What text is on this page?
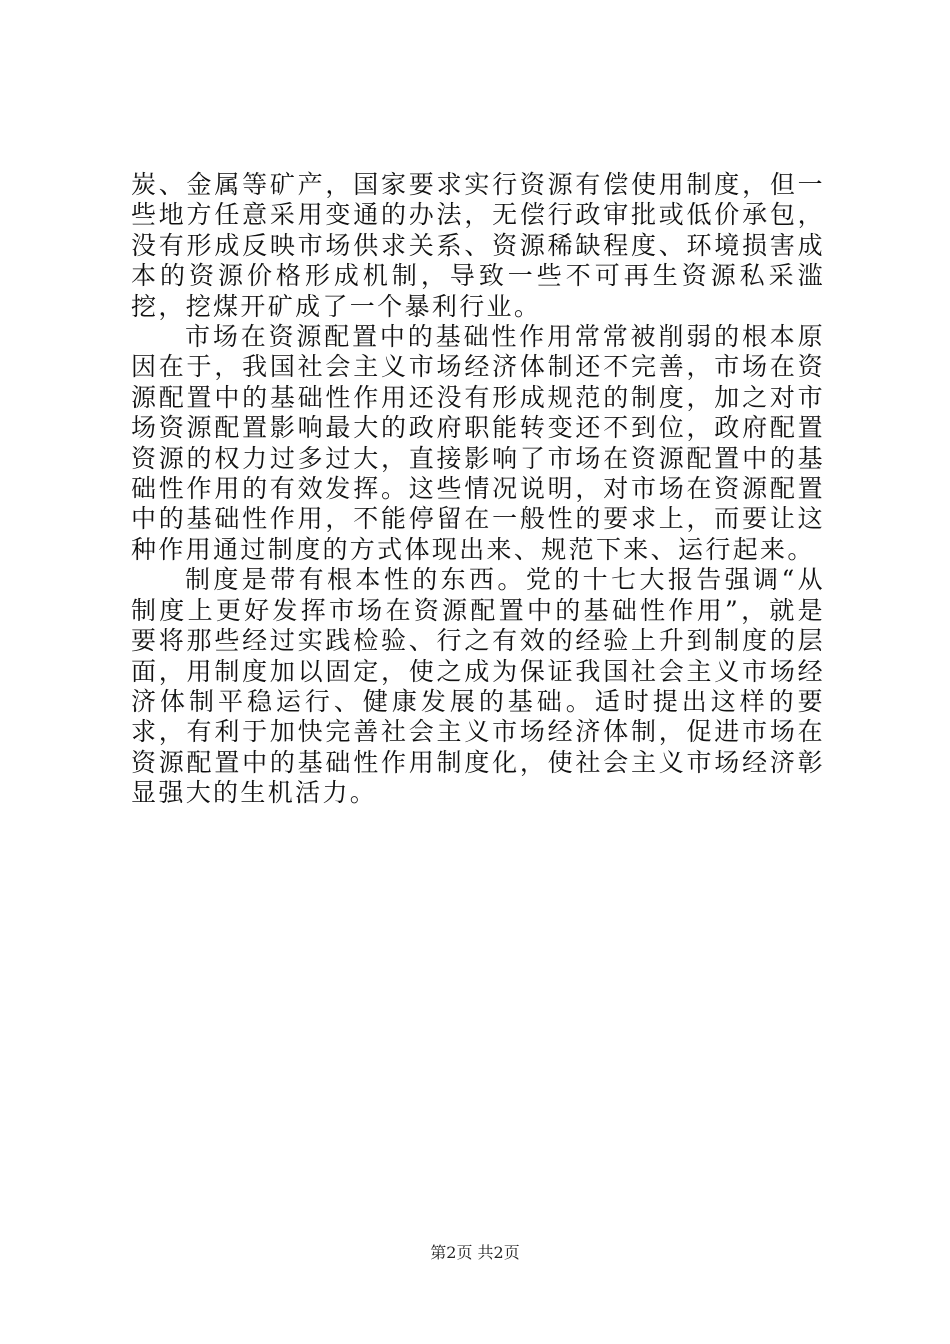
炭、金属等矿产，国家要求实行资源有偿使用制度，但一些地方任意采用变通的办法，无偿行政审批或低价承包，没有形成反映市场供求关系、资源稀缺程度、环境损害成本的资源价格形成机制，导致一些不可再生资源私采滥挖，挖煤开矿成了一个暴利行业。

市场在资源配置中的基础性作用常常被削弱的根本原因在于，我国社会主义市场经济体制还不完善，市场在资源配置中的基础性作用还没有形成规范的制度，加之对市场资源配置影响最大的政府职能转变还不到位，政府配置资源的权力过多过大，直接影响了市场在资源配置中的基础性作用的有效发挥。这些情况说明，对市场在资源配置中的基础性作用，不能停留在一般性的要求上，而要让这种作用通过制度的方式体现出来、规范下来、运行起来。

制度是带有根本性的东西。党的十七大报告强调“从制度上更好发挥市场在资源配置中的基础性作用”，就是要将那些经过实践检验、行之有效的经验上升到制度的层面，用制度加以固定，使之成为保证我国社会主义市场经济体制平稳运行、健康发展的基础。适时提出这样的要求，有利于加快完善社会主义市场经济体制，促进市场在资源配置中的基础性作用制度化，使社会主义市场经济彰显强大的生机活力。

第2页 共2页
